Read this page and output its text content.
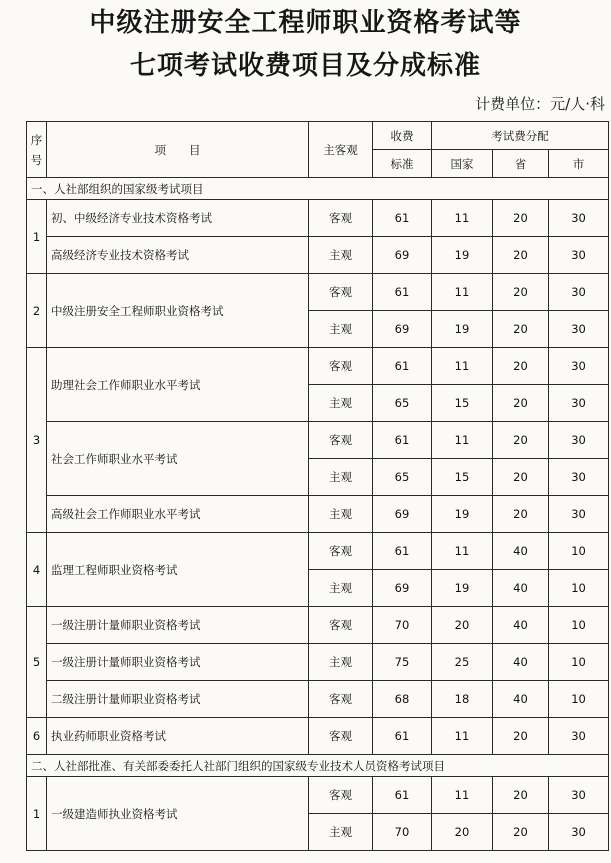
中级注册安全工程师职业资格考试等
七项考试收费项目及分成标准
计费单位：元/人·科
序号	项　　目	主客观	收费	考试费分配		
			标准	国家	省	市
一、人社部组织的国家级考试项目						
1	初、中级经济专业技术资格考试	客观	61	11	20	30
	高级经济专业技术资格考试	主观	69	19	20	30
2	中级注册安全工程师职业资格考试	客观	61	11	20	30
		主观	69	19	20	30
3	助理社会工作师职业水平考试	客观	61	11	20	30
		主观	65	15	20	30
	社会工作师职业水平考试	客观	61	11	20	30
		主观	65	15	20	30
	高级社会工作师职业水平考试	主观	69	19	20	30
4	监理工程师职业资格考试	客观	61	11	40	10
		主观	69	19	40	10
5	一级注册计量师职业资格考试	客观	70	20	40	10
	一级注册计量师职业资格考试	主观	75	25	40	10
	二级注册计量师职业资格考试	客观	68	18	40	10
6	执业药师职业资格考试	客观	61	11	20	30
二、人社部批准、有关部委委托人社部门组织的国家级专业技术人员资格考试项目						
1	一级建造师执业资格考试	客观	61	11	20	30
		主观	70	20	20	30
